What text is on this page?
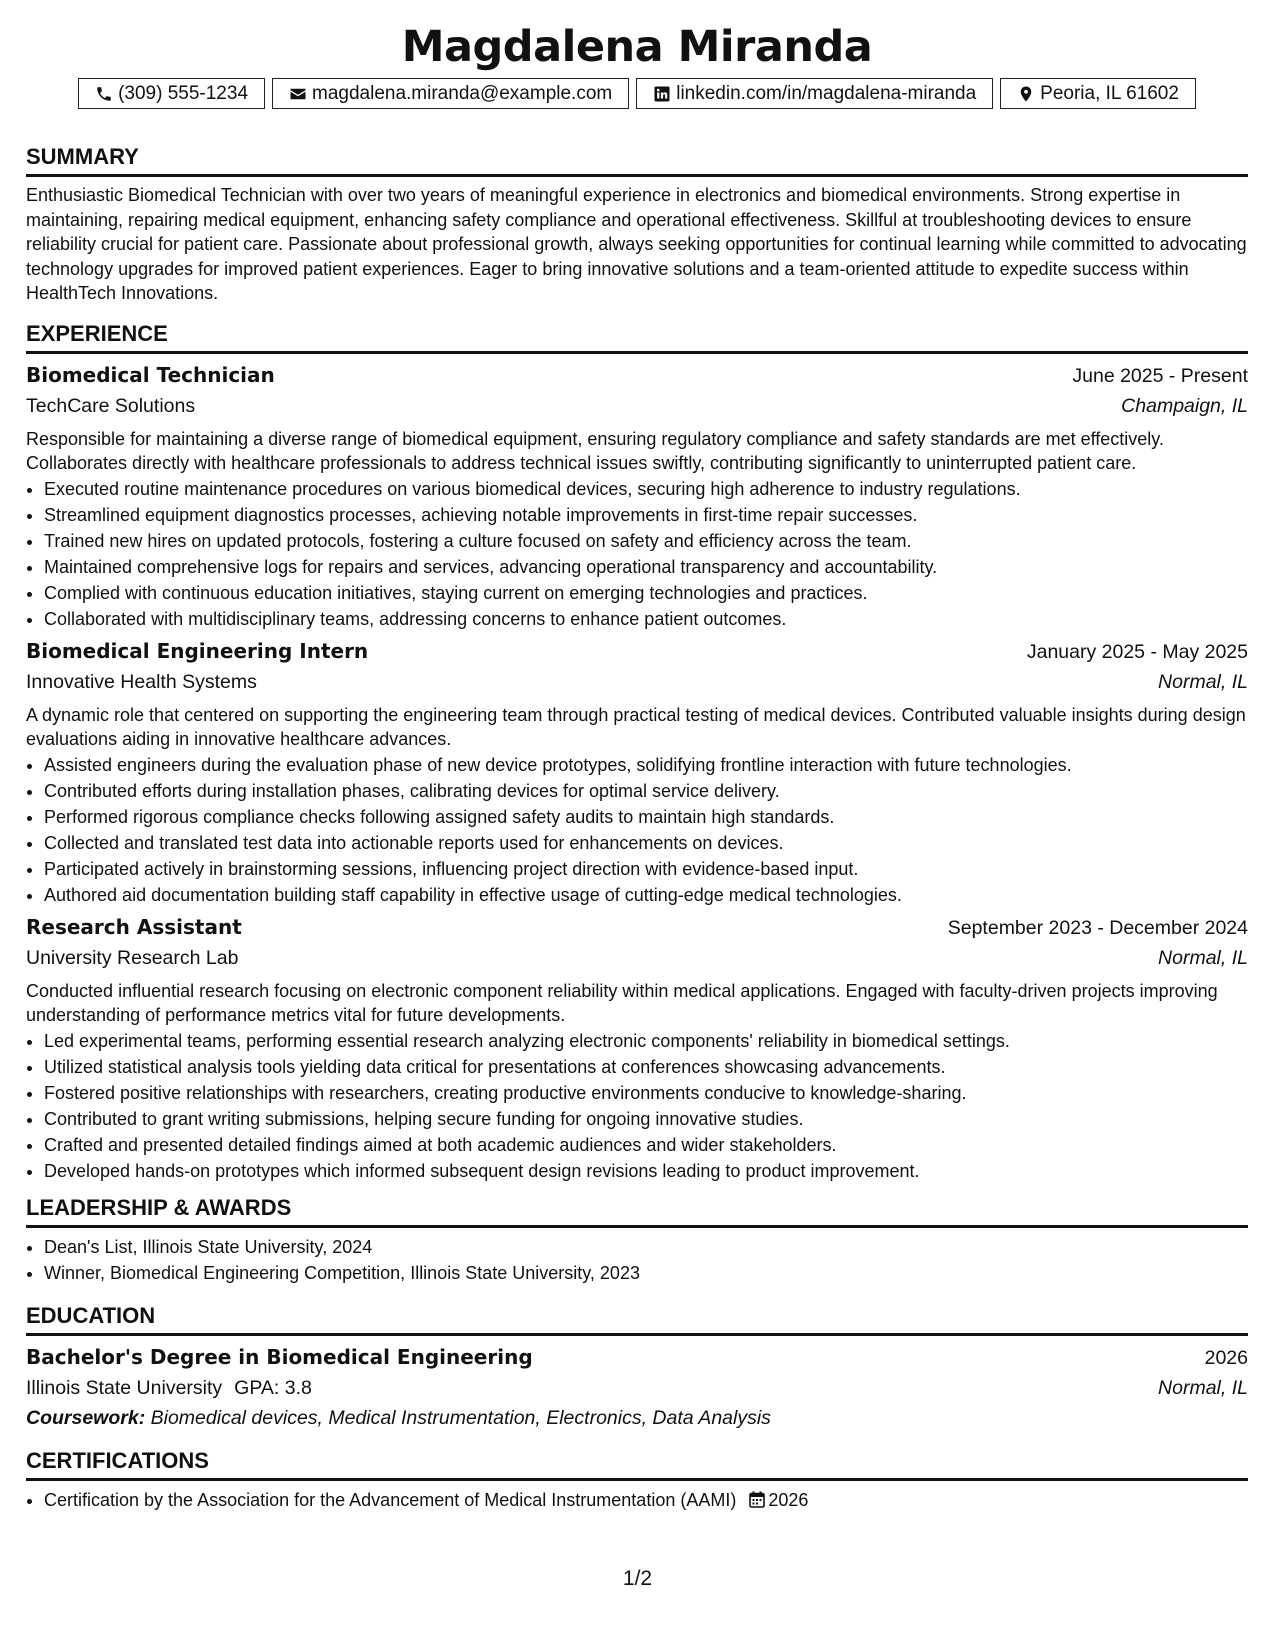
Magdalena Miranda
(309) 555-1234	magdalena.miranda@example.com	linkedin.com/in/magdalena-miranda	Peoria, IL 61602
SUMMARY

Enthusiastic Biomedical Technician with over two years of meaningful experience in electronics and biomedical environments. Strong expertise in maintaining, repairing medical equipment, enhancing safety compliance and operational effectiveness. Skillful at troubleshooting devices to ensure reliability crucial for patient care. Passionate about professional growth, always seeking opportunities for continual learning while committed to advocating technology upgrades for improved patient experiences. Eager to bring innovative solutions and a team-oriented attitude to expedite success within HealthTech Innovations.

EXPERIENCE
Biomedical Technician	June 2025 - Present
TechCare Solutions	Champaign, IL

Responsible for maintaining a diverse range of biomedical equipment, ensuring regulatory compliance and safety standards are met effectively. Collaborates directly with healthcare professionals to address technical issues swiftly, contributing significantly to uninterrupted patient care.

• Executed routine maintenance procedures on various biomedical devices, securing high adherence to industry regulations.
• Streamlined equipment diagnostics processes, achieving notable improvements in first-time repair successes.
• Trained new hires on updated protocols, fostering a culture focused on safety and efficiency across the team.
• Maintained comprehensive logs for repairs and services, advancing operational transparency and accountability.
• Complied with continuous education initiatives, staying current on emerging technologies and practices.
• Collaborated with multidisciplinary teams, addressing concerns to enhance patient outcomes.
Biomedical Engineering Intern	January 2025 - May 2025
Innovative Health Systems	Normal, IL

A dynamic role that centered on supporting the engineering team through practical testing of medical devices. Contributed valuable insights during design evaluations aiding in innovative healthcare advances.

• Assisted engineers during the evaluation phase of new device prototypes, solidifying frontline interaction with future technologies.
• Contributed efforts during installation phases, calibrating devices for optimal service delivery.
• Performed rigorous compliance checks following assigned safety audits to maintain high standards.
• Collected and translated test data into actionable reports used for enhancements on devices.
• Participated actively in brainstorming sessions, influencing project direction with evidence-based input.
• Authored aid documentation building staff capability in effective usage of cutting-edge medical technologies.
Research Assistant	September 2023 - December 2024
University Research Lab	Normal, IL

Conducted influential research focusing on electronic component reliability within medical applications. Engaged with faculty-driven projects improving understanding of performance metrics vital for future developments.

• Led experimental teams, performing essential research analyzing electronic components' reliability in biomedical settings.
• Utilized statistical analysis tools yielding data critical for presentations at conferences showcasing advancements.
• Fostered positive relationships with researchers, creating productive environments conducive to knowledge-sharing.
• Contributed to grant writing submissions, helping secure funding for ongoing innovative studies.
• Crafted and presented detailed findings aimed at both academic audiences and wider stakeholders.
• Developed hands-on prototypes which informed subsequent design revisions leading to product improvement.
LEADERSHIP & AWARDS
• Dean's List, Illinois State University, 2024
• Winner, Biomedical Engineering Competition, Illinois State University, 2023
EDUCATION
Bachelor's Degree in Biomedical Engineering	2026
Illinois State University GPA: 3.8	Normal, IL
Coursework: Biomedical devices, Medical Instrumentation, Electronics, Data Analysis
CERTIFICATIONS
• Certification by the Association for the Advancement of Medical Instrumentation (AAMI) 2026
1/2
